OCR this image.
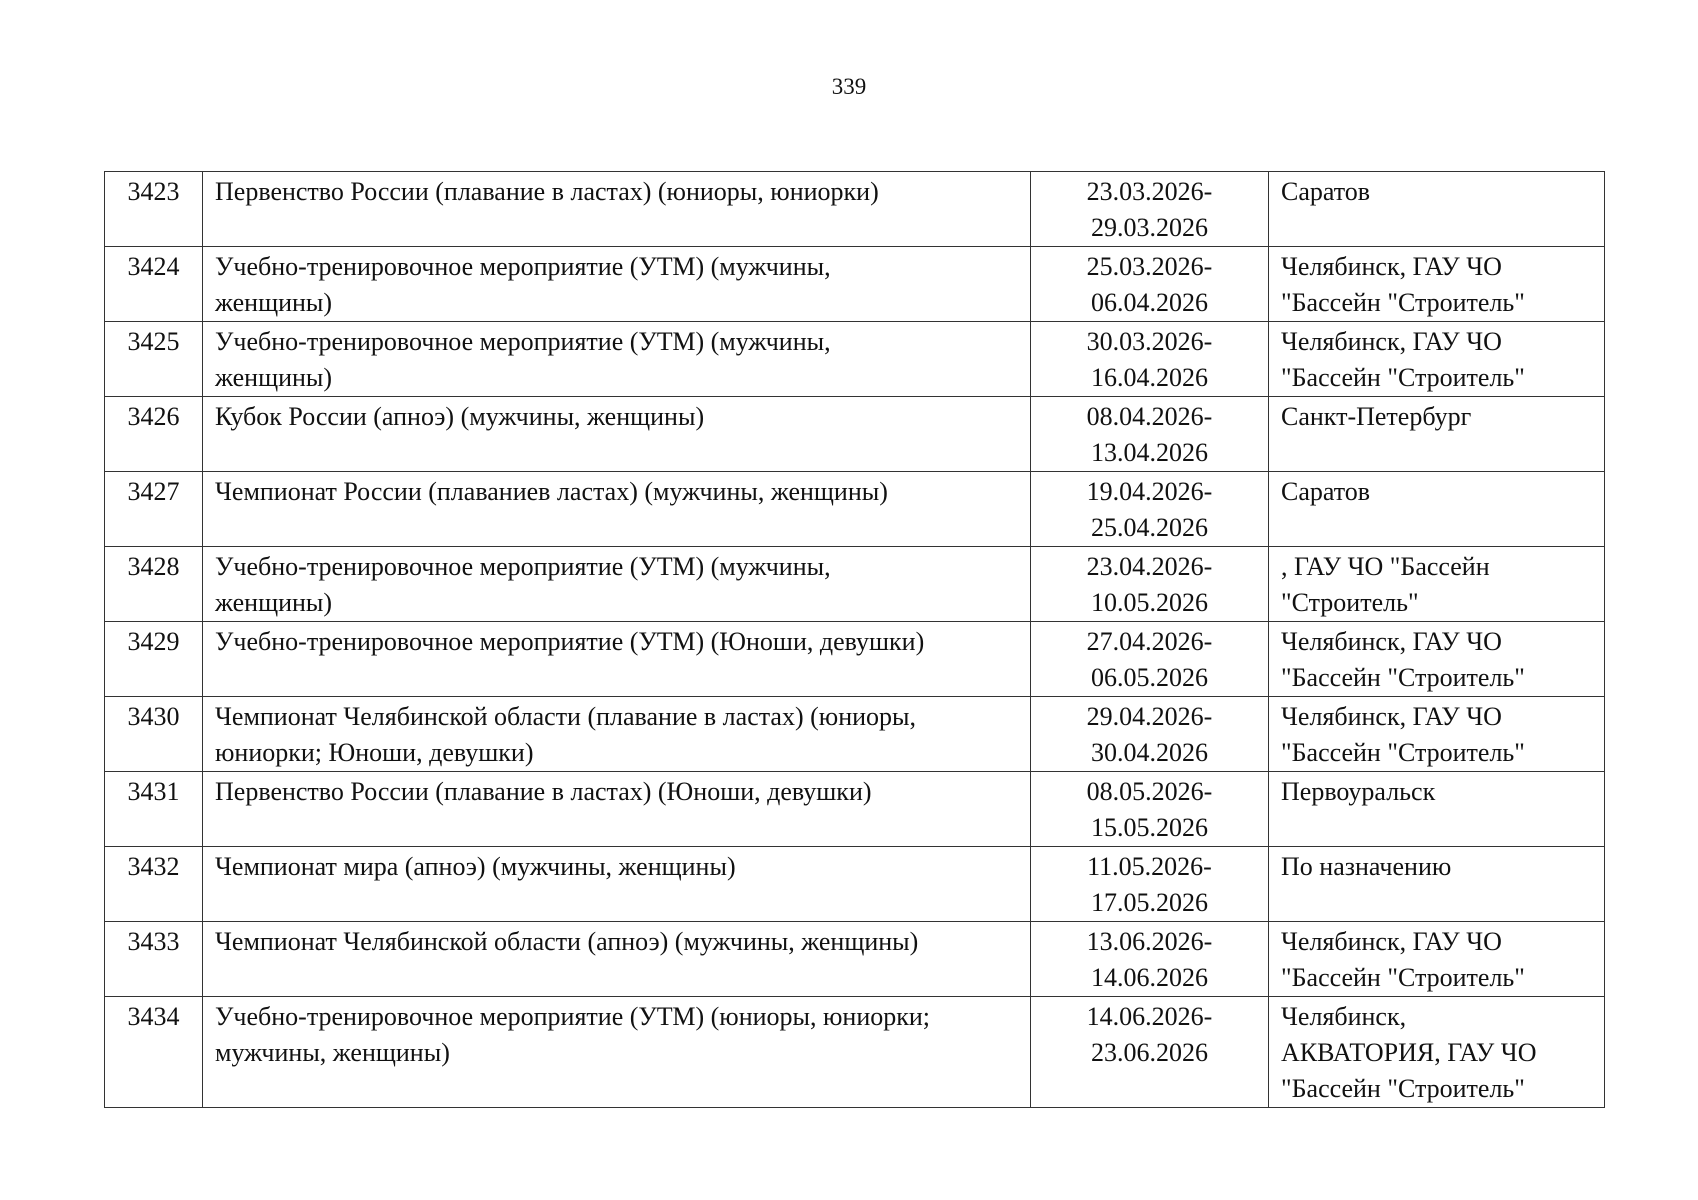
339
3423	Первенство России (плавание в ластах) (юниоры, юниорки)	23.03.2026-
29.03.2026	Саратов

3424	Учебно-тренировочное мероприятие (УТМ) (мужчины,
женщины)	25.03.2026-
06.04.2026	Челябинск, ГАУ ЧО
"Бассейн "Строитель"

3425	Учебно-тренировочное мероприятие (УТМ) (мужчины,
женщины)	30.03.2026-
16.04.2026	Челябинск, ГАУ ЧО
"Бассейн "Строитель"

3426	Кубок России (апноэ) (мужчины, женщины)	08.04.2026-
13.04.2026	Санкт-Петербург

3427	Чемпионат России (плаваниев ластах) (мужчины, женщины)	19.04.2026-
25.04.2026	Саратов

3428	Учебно-тренировочное мероприятие (УТМ) (мужчины,
женщины)	23.04.2026-
10.05.2026	, ГАУ ЧО "Бассейн
"Строитель"

3429	Учебно-тренировочное мероприятие (УТМ) (Юноши, девушки)	27.04.2026-
06.05.2026	Челябинск, ГАУ ЧО
"Бассейн "Строитель"

3430	Чемпионат Челябинской области (плавание в ластах) (юниоры,
юниорки; Юноши, девушки)	29.04.2026-
30.04.2026	Челябинск, ГАУ ЧО
"Бассейн "Строитель"

3431	Первенство России (плавание в ластах) (Юноши, девушки)	08.05.2026-
15.05.2026	Первоуральск

3432	Чемпионат мира (апноэ) (мужчины, женщины)	11.05.2026-
17.05.2026	По назначению

3433	Чемпионат Челябинской области (апноэ) (мужчины, женщины)	13.06.2026-
14.06.2026	Челябинск, ГАУ ЧО
"Бассейн "Строитель"

3434	Учебно-тренировочное мероприятие (УТМ) (юниоры, юниорки;
мужчины, женщины)	14.06.2026-
23.06.2026	Челябинск,
АКВАТОРИЯ, ГАУ ЧО
"Бассейн "Строитель"
